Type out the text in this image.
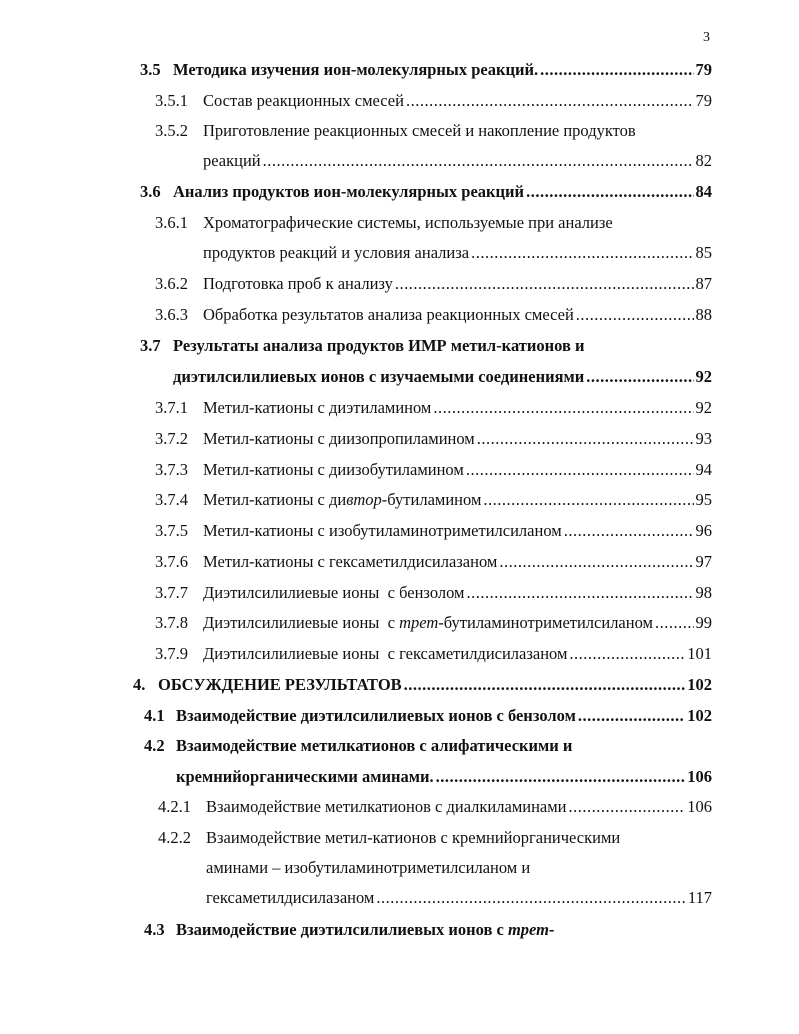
3
3.5 Методика изучения ион-молекулярных реакций. .....	79
3.5.1 Состав реакционных смесей .....	79
3.5.2 Приготовление реакционных смесей и накопление продуктов
реакций .....	82
3.6 Анализ продуктов ион-молекулярных реакций .....	84
3.6.1 Хроматографические системы, используемые при анализе
продуктов реакций и условия анализа .....	85
3.6.2 Подготовка проб к анализу .....	87
3.6.3 Обработка результатов анализа реакционных смесей .....	88
3.7 Результаты анализа продуктов ИМР метил-катионов и
диэтилсилилиевых ионов с изучаемыми соединениями .....	92
3.7.1 Метил-катионы с диэтиламином .....	92
3.7.2 Метил-катионы с диизопропиламином .....	93
3.7.3 Метил-катионы с диизобутиламином .....	94
3.7.4 Метил-катионы с дивтор-бутиламином .....	95
3.7.5 Метил-катионы с изобутиламинотриметилсиланом .....	96
3.7.6 Метил-катионы с гексаметилдисилазаном .....	97
3.7.7 Диэтилсилилиевые ионы  с бензолом .....	98
3.7.8 Диэтилсилилиевые ионы  с трет-бутиламинотриметилсиланом .....	99
3.7.9 Диэтилсилилиевые ионы  с гексаметилдисилазаном .....	101
4. ОБСУЖДЕНИЕ РЕЗУЛЬТАТОВ .....	102
4.1 Взаимодействие диэтилсилилиевых ионов с бензолом .....	102
4.2 Взаимодействие метилкатионов с алифатическими и
кремнийорганическими аминами. .....	106
4.2.1 Взаимодействие метилкатионов с диалкиламинами .....	106
4.2.2 Взаимодействие метил-катионов с кремнийорганическими
аминами – изобутиламинотриметилсиланом и
гексаметилдисилазаном .....	117
4.3 Взаимодействие диэтилсилилиевых ионов с трет-
